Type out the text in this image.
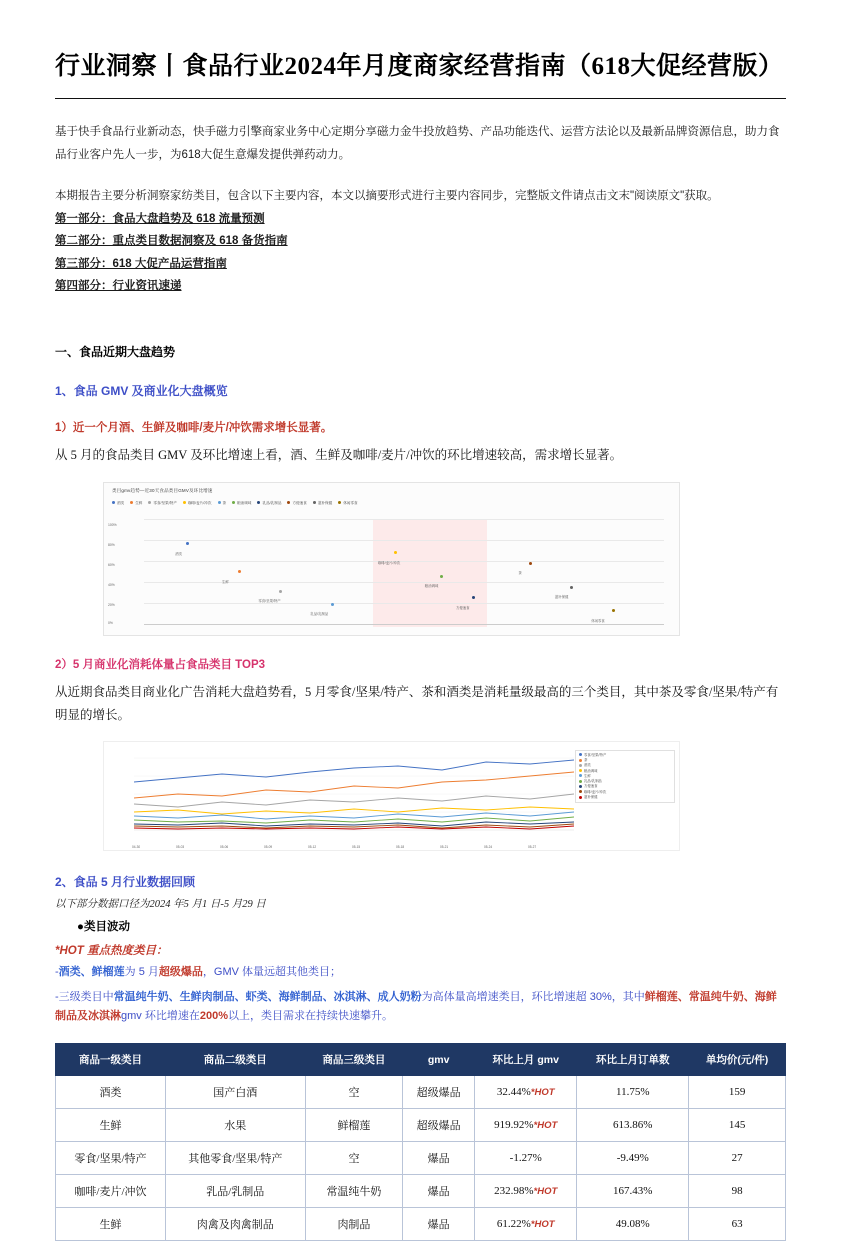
行业洞察丨食品行业2024年月度商家经营指南（618大促经营版）
基于快手食品行业新动态，快手磁力引擎商家业务中心定期分享磁力金牛投放趋势、产品功能迭代、运营方法论以及最新品牌资源信息，助力食品行业客户先人一步，为618大促生意爆发提供弹药动力。
本期报告主要分析洞察家纺类目，包含以下主要内容，本文以摘要形式进行主要内容同步，完整版文件请点击文末"阅读原文"获取。
第一部分：食品大盘趋势及 618 流量预测
第二部分：重点类目数据洞察及 618 备货指南
第三部分：618 大促产品运营指南
第四部分：行业资讯速递
一、食品近期大盘趋势
1、食品 GMV 及商业化大盘概览
1）近一个月酒、生鲜及咖啡/麦片/冲饮需求增长显著。
从 5 月的食品类目 GMV 及环比增速上看，酒、生鲜及咖啡/麦片/冲饮的环比增速较高，需求增长显著。
类目gmv趋势—近30天食品类目GMV及环比增速
酒类	生鲜	零食/坚果/特产	咖啡/麦片/冲饮	茶	粮油调味	乳品/乳制品	方便速食	滋补保健	休闲零食
100%
80%
60%
40%
20%
0%
酒类
生鲜
零食/坚果/特产
乳品/乳制品
咖啡/麦片/冲饮
粮油调味
方便速食
茶
滋补保健
休闲零食
2）5 月商业化消耗体量占食品类目 TOP3
从近期食品类目商业化广告消耗大盘趋势看，5 月零食/坚果/特产、茶和酒类是消耗量级最高的三个类目，其中茶及零食/坚果/特产有明显的增长。
零食/坚果/特产
茶
酒类
粮油调味
生鲜
乳品/乳制品
方便速食
咖啡/麦片/冲饮
滋补保健
04-30	05-03	05-06	05-09	05-12	05-15	05-18	05-21	05-24	05-27
2、食品 5 月行业数据回顾
以下部分数据口径为2024 年5 月1 日-5 月29 日
●类目波动
*HOT 重点热度类目：
-酒类、鲜榴莲为 5 月超级爆品，GMV 体量远超其他类目；
-三级类目中常温纯牛奶、生鲜肉制品、虾类、海鲜制品、冰淇淋、成人奶粉为高体量高增速类目，环比增速超 30%，其中鲜榴莲、常温纯牛奶、海鲜制品及冰淇淋gmv 环比增速在200%以上，类目需求在持续快速攀升。
商品一级类目	商品二级类目	商品三级类目	gmv	环比上月 gmv	环比上月订单数	单均价(元/件)
酒类	国产白酒	空	超级爆品	32.44%*HOT	11.75%	159
生鲜	水果	鲜榴莲	超级爆品	919.92%*HOT	613.86%	145
零食/坚果/特产	其他零食/坚果/特产	空	爆品	-1.27%	-9.49%	27
咖啡/麦片/冲饮	乳品/乳制品	常温纯牛奶	爆品	232.98%*HOT	167.43%	98
生鲜	肉禽及肉禽制品	肉制品	爆品	61.22%*HOT	49.08%	63
